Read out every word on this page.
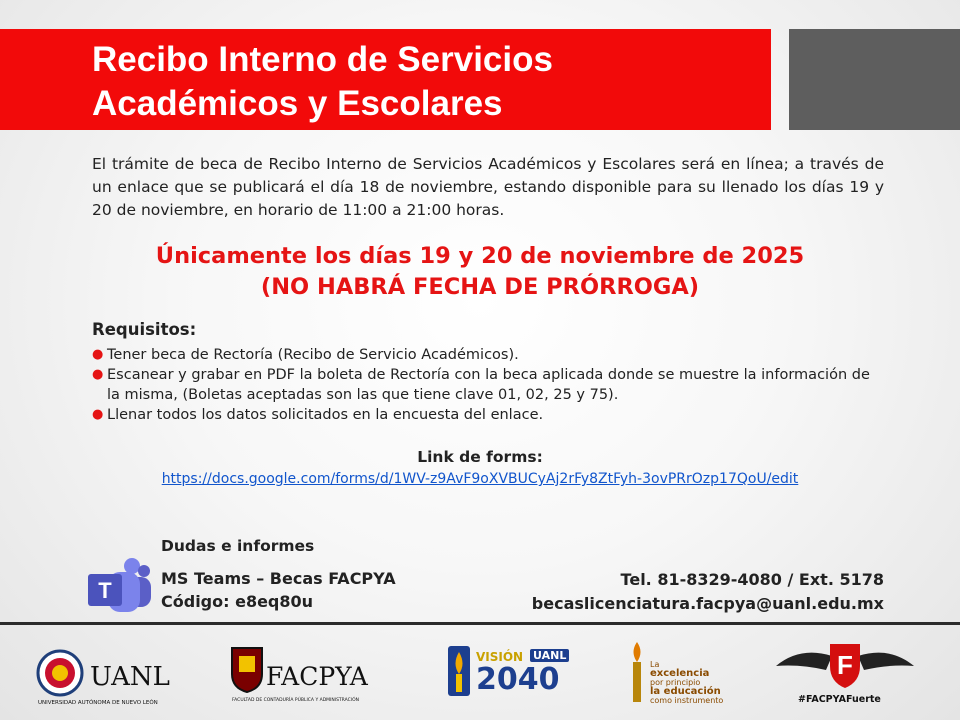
Recibo Interno de Servicios
Académicos y Escolares
El trámite de beca de Recibo Interno de Servicios Académicos y Escolares será en línea; a través de un enlace que se publicará el día 18 de noviembre, estando disponible para su llenado los días 19 y 20 de noviembre, en horario de 11:00 a 21:00 horas.
Únicamente los días 19 y 20 de noviembre de 2025
(NO HABRÁ FECHA DE PRÓRROGA)
Requisitos:
● Tener beca de Rectoría (Recibo de Servicio Académicos).
● Escanear y grabar en PDF la boleta de Rectoría con la beca aplicada donde se muestre la información de la misma, (Boletas aceptadas son las que tiene clave 01, 02, 25 y 75).
● Llenar todos los datos solicitados en la encuesta del enlace.
Link de forms:
https://docs.google.com/forms/d/1WV-z9AvF9oXVBUCyAj2rFy8ZtFyh-3ovPRrOzp17QoU/edit
Dudas e informes
T	MS Teams – Becas FACPYA
Código: e8eq80u
Tel. 81-8329-4080 / Ext. 5178
becaslicenciatura.facpya@uanl.edu.mx
UANL
UNIVERSIDAD AUTÓNOMA DE NUEVO LEÓN
FACPYA
FACULTAD DE CONTADURÍA PÚBLICA Y ADMINISTRACIÓN
VISIÓN UANL
2040	La
excelencia
por principio
la educación
como instrumento
F
#FACPYAFuerte
